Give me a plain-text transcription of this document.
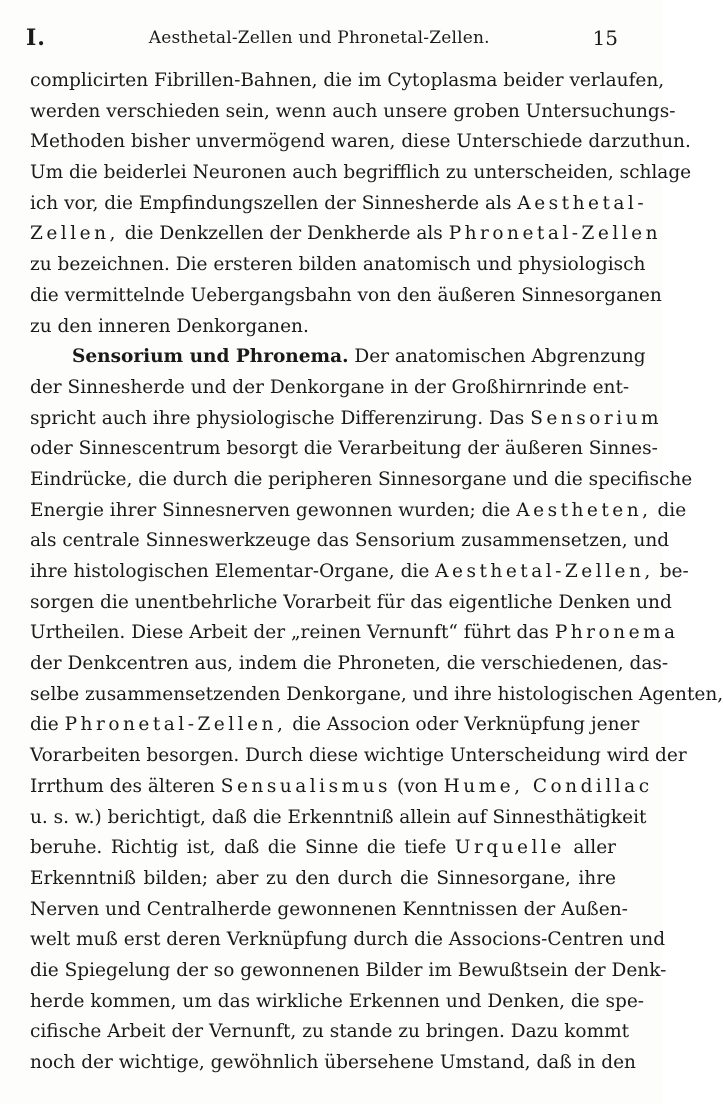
I.	Aesthetal-Zellen und Phronetal-Zellen.	15
complicirten Fibrillen-Bahnen, die im Cytoplasma beider verlaufen,
werden verschieden sein, wenn auch unsere groben Untersuchungs-
Methoden bisher unvermögend waren, diese Unterschiede darzuthun.
Um die beiderlei Neuronen auch begrifflich zu unterscheiden, schlage
ich vor, die Empfindungszellen der Sinnesherde als Aesthetal-
Zellen, die Denkzellen der Denkherde als Phronetal-Zellen
zu bezeichnen. Die ersteren bilden anatomisch und physiologisch
die vermittelnde Uebergangsbahn von den äußeren Sinnesorganen
zu den inneren Denkorganen.
Sensorium und Phronema. Der anatomischen Abgrenzung
der Sinnesherde und der Denkorgane in der Großhirnrinde ent-
spricht auch ihre physiologische Differenzirung. Das Sensorium
oder Sinnescentrum besorgt die Verarbeitung der äußeren Sinnes-
Eindrücke, die durch die peripheren Sinnesorgane und die specifische
Energie ihrer Sinnesnerven gewonnen wurden; die Aestheten, die
als centrale Sinneswerkzeuge das Sensorium zusammensetzen, und
ihre histologischen Elementar-Organe, die Aesthetal-Zellen, be-
sorgen die unentbehrliche Vorarbeit für das eigentliche Denken und
Urtheilen. Diese Arbeit der „reinen Vernunft“ führt das Phronema
der Denkcentren aus, indem die Phroneten, die verschiedenen, das-
selbe zusammensetzenden Denkorgane, und ihre histologischen Agenten,
die Phronetal-Zellen, die Associon oder Verknüpfung jener
Vorarbeiten besorgen. Durch diese wichtige Unterscheidung wird der
Irrthum des älteren Sensualismus (von Hume, Condillac
u. s. w.) berichtigt, daß die Erkenntniß allein auf Sinnesthätigkeit
beruhe. Richtig ist, daß die Sinne die tiefe Urquelle aller
Erkenntniß bilden; aber zu den durch die Sinnesorgane, ihre
Nerven und Centralherde gewonnenen Kenntnissen der Außen-
welt muß erst deren Verknüpfung durch die Associons-Centren und
die Spiegelung der so gewonnenen Bilder im Bewußtsein der Denk-
herde kommen, um das wirkliche Erkennen und Denken, die spe-
cifische Arbeit der Vernunft, zu stande zu bringen. Dazu kommt
noch der wichtige, gewöhnlich übersehene Umstand, daß in den
